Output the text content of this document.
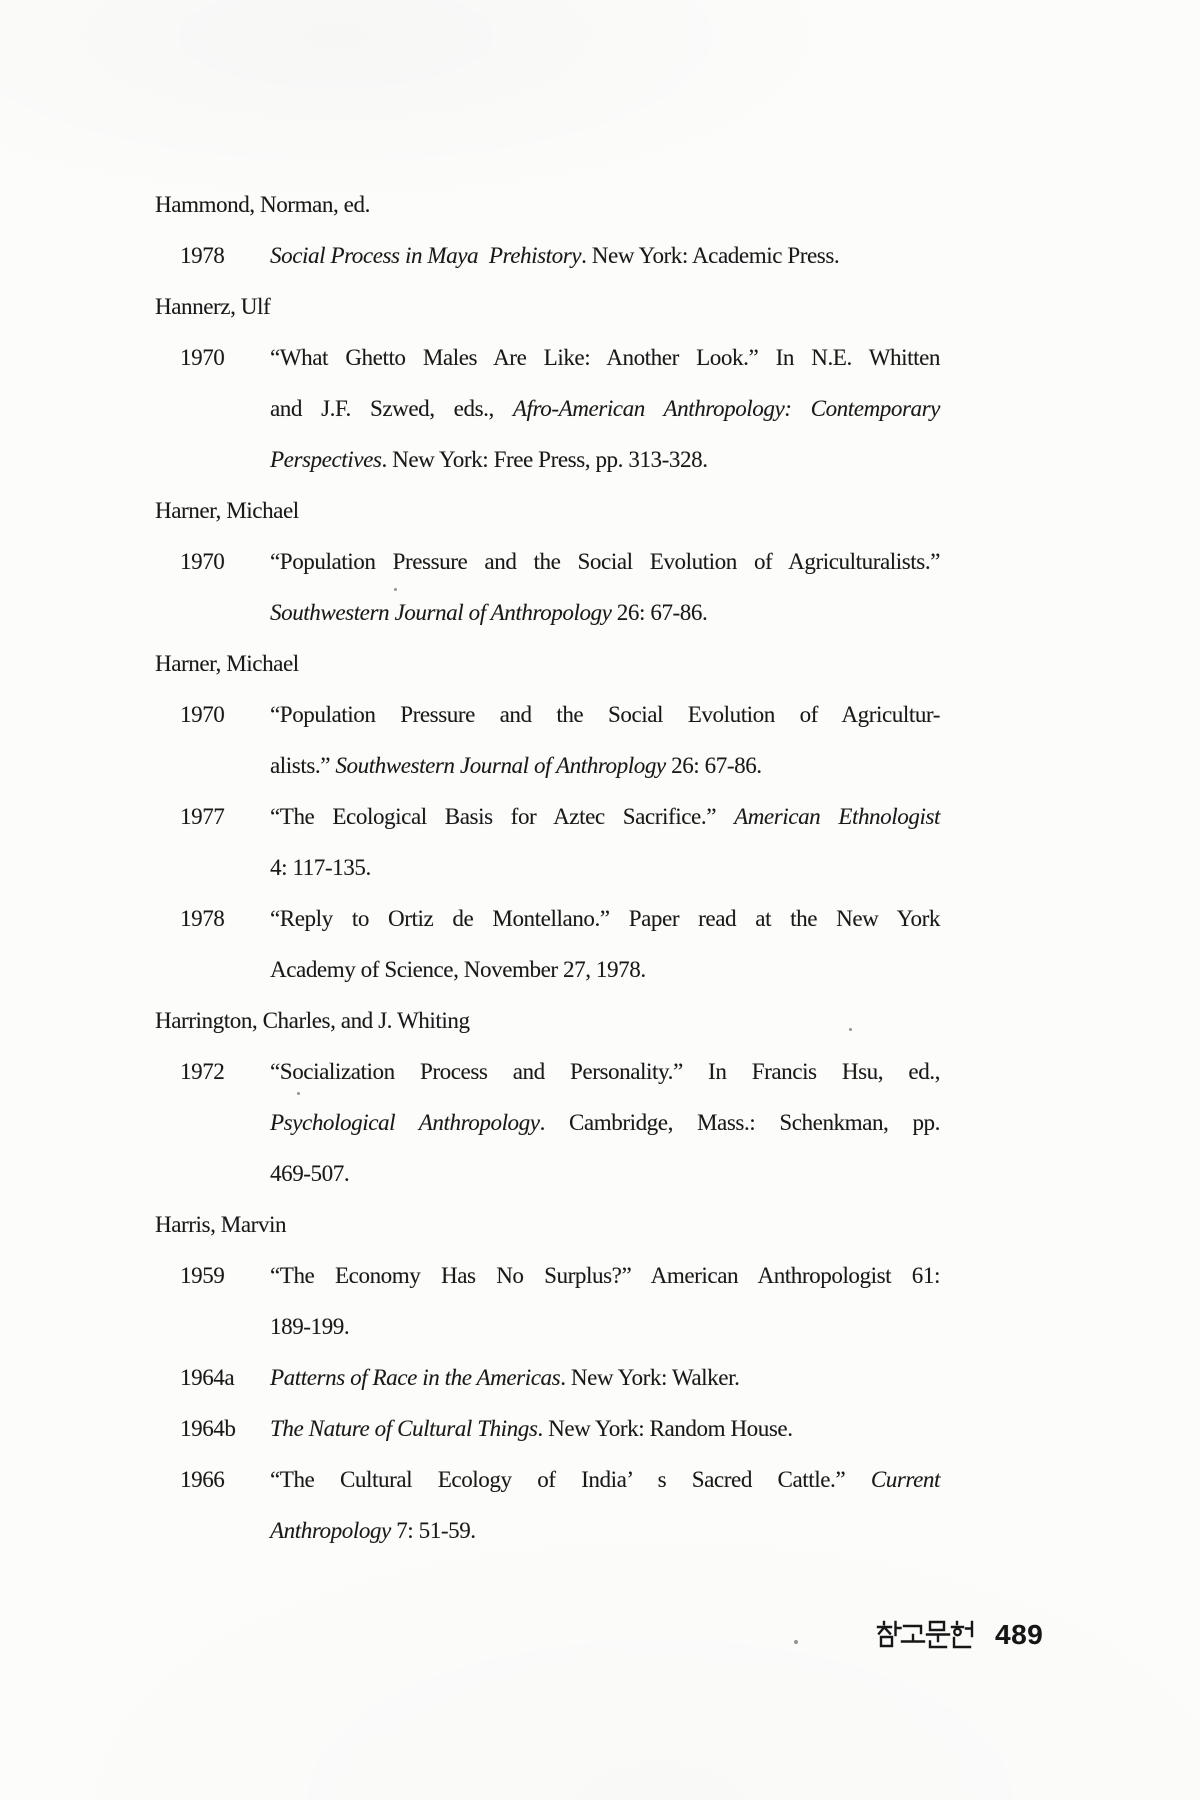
Hammond, Norman, ed.
1978 Social Process in Maya  Prehistory. New York: Academic Press.
Hannerz, Ulf
1970 “What Ghetto Males Are Like: Another Look.” In N.E. Whitten
and J.F. Szwed, eds., Afro-American Anthropology: Contemporary
Perspectives. New York: Free Press, pp. 313-328.
Harner, Michael
1970 “Population Pressure and the Social Evolution of Agriculturalists.”
Southwestern Journal of Anthropology 26: 67-86.
Harner, Michael
1970 “Population Pressure and the Social Evolution of Agricultur-
alists.” Southwestern Journal of Anthroplogy 26: 67-86.
1977 “The Ecological Basis for Aztec Sacrifice.” American Ethnologist
4: 117-135.
1978 “Reply to Ortiz de Montellano.” Paper read at the New York
Academy of Science, November 27, 1978.
Harrington, Charles, and J. Whiting
1972 “Socialization Process and Personality.” In Francis Hsu, ed.,
Psychological Anthropology. Cambridge, Mass.: Schenkman, pp.
469-507.
Harris, Marvin
1959 “The Economy Has No Surplus?” American Anthropologist 61:
189-199.
1964a Patterns of Race in the Americas. New York: Walker.
1964b The Nature of Cultural Things. New York: Random House.
1966 “The Cultural Ecology of India’ s Sacred Cattle.” Current
Anthropology 7: 51-59.
489
